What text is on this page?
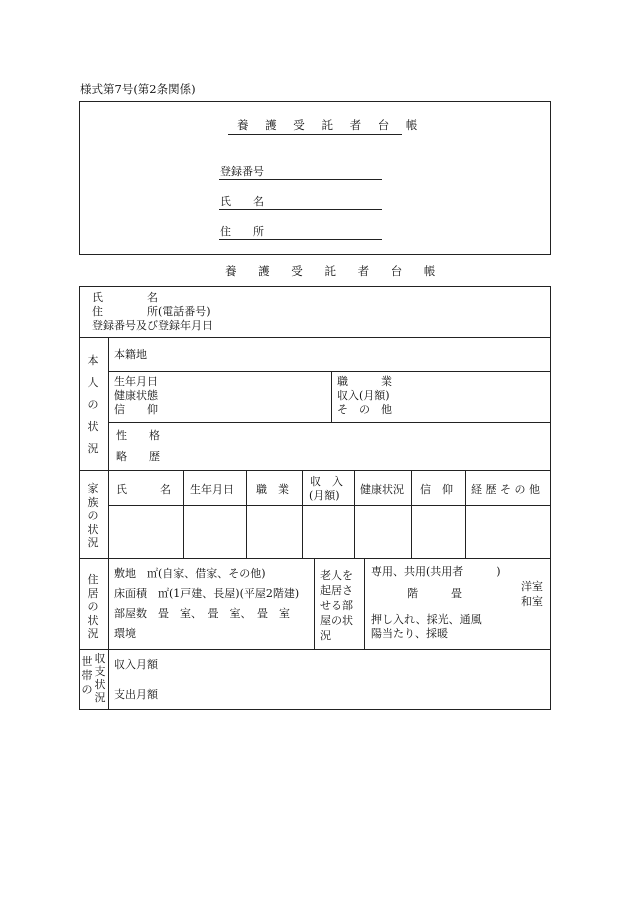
様式第7号(第2条関係)
養 護 受 託 者 台 帳
登録番号
氏　　名
住　　所
養 護 受 託 者 台 帳
氏　　　　名
住　　　　所(電話番号)
登録番号及び登録年月日
本
人
の
状
況
本籍地
生年月日
健康状態
信　　仰
職　　　業
収入(月額)
そ　の　他
性　　格
略　　歴
家
族
の
状
況
氏　　　名 生年月日 職　業
収　入
(月額) 健康状況 信　仰 経 歴 そ の 他
住
居
の
状
況
敷地　㎡(自家、借家、その他)
床面積　㎡(1戸建、長屋)(平屋2階建)
部屋数　畳　室、　畳　室、　畳　室
環境
老人を
起居さ
せる部
屋の状
況
専用、共用(共用者　　　)
階　　　畳
洋室
和室
押し入れ、採光、通風
陽当たり、採暖
世
帯
の
収
支
状
況
収入月額
支出月額
